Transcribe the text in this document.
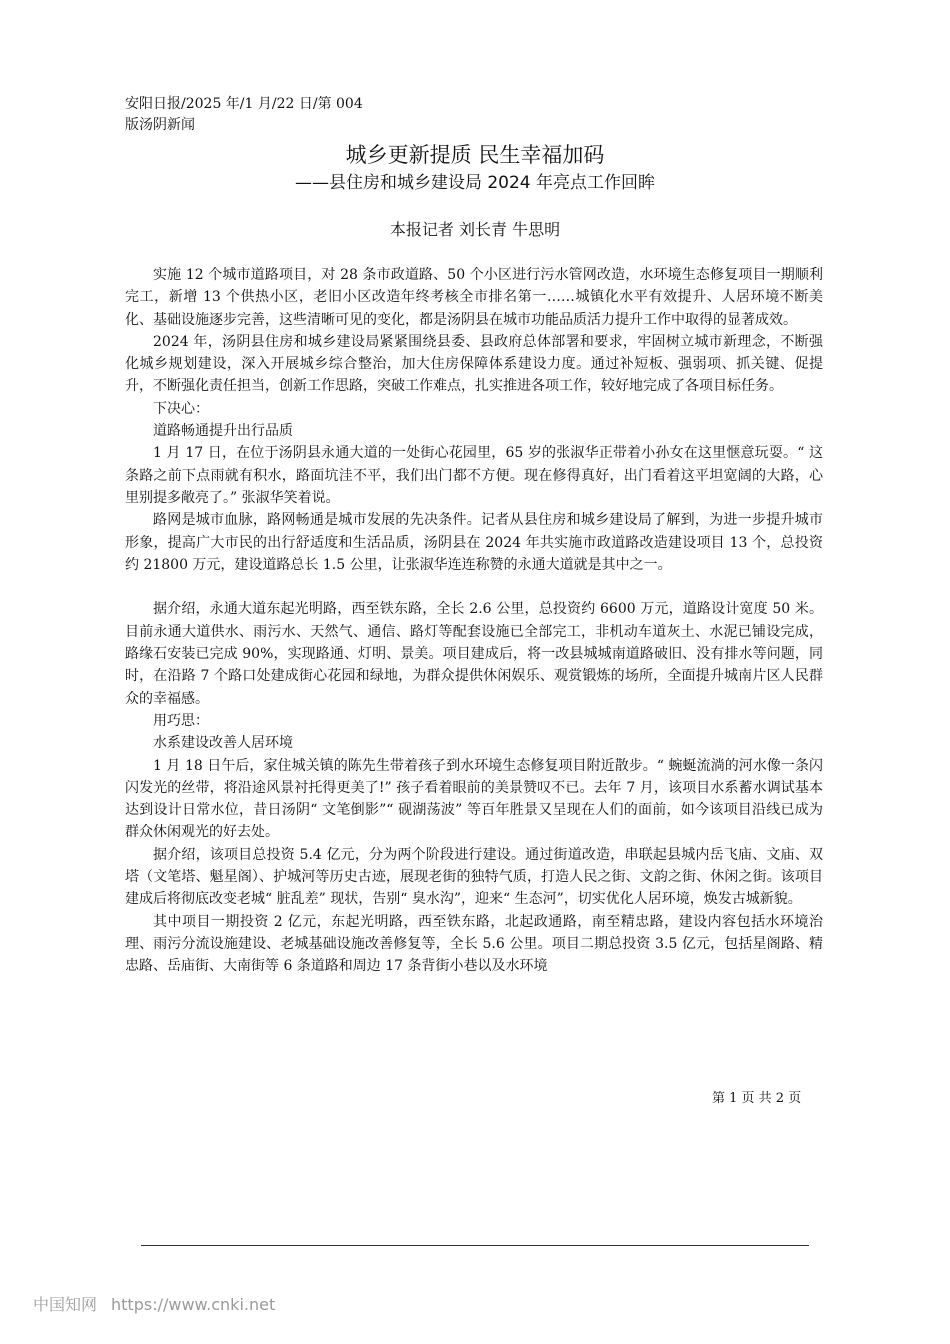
安阳日报/2025 年/1 月/22 日/第 004
版汤阴新闻
城乡更新提质 民生幸福加码
——县住房和城乡建设局 2024 年亮点工作回眸
本报记者 刘长青 牛思明

实施 12 个城市道路项目，对 28 条市政道路、50 个小区进行污水管网改造，水环境生态修复项目一期顺利完工，新增 13 个供热小区，老旧小区改造年终考核全市排名第一……城镇化水平有效提升、人居环境不断美化、基础设施逐步完善，这些清晰可见的变化，都是汤阴县在城市功能品质活力提升工作中取得的显著成效。

2024 年，汤阴县住房和城乡建设局紧紧围绕县委、县政府总体部署和要求，牢固树立城市新理念，不断强化城乡规划建设，深入开展城乡综合整治，加大住房保障体系建设力度。通过补短板、强弱项、抓关键、促提升，不断强化责任担当，创新工作思路，突破工作难点，扎实推进各项工作，较好地完成了各项目标任务。

下决心：

道路畅通提升出行品质

1 月 17 日，在位于汤阴县永通大道的一处街心花园里，65 岁的张淑华正带着小孙女在这里惬意玩耍。“ 这条路之前下点雨就有积水，路面坑洼不平，我们出门都不方便。现在修得真好，出门看着这平坦宽阔的大路，心里别提多敞亮了。” 张淑华笑着说。

路网是城市血脉，路网畅通是城市发展的先决条件。记者从县住房和城乡建设局了解到，为进一步提升城市形象，提高广大市民的出行舒适度和生活品质，汤阴县在 2024 年共实施市政道路改造建设项目 13 个，总投资约 21800 万元，建设道路总长 1.5 公里，让张淑华连连称赞的永通大道就是其中之一。

据介绍，永通大道东起光明路，西至铁东路，全长 2.6 公里，总投资约 6600 万元，道路设计宽度 50 米。目前永通大道供水、雨污水、天然气、通信、路灯等配套设施已全部完工，非机动车道灰土、水泥已铺设完成，路缘石安装已完成 90%，实现路通、灯明、景美。项目建成后，将一改县城城南道路破旧、没有排水等问题，同时，在沿路 7 个路口处建成街心花园和绿地，为群众提供休闲娱乐、观赏锻炼的场所，全面提升城南片区人民群众的幸福感。

用巧思：

水系建设改善人居环境

1 月 18 日午后，家住城关镇的陈先生带着孩子到水环境生态修复项目附近散步。“ 蜿蜒流淌的河水像一条闪闪发光的丝带，将沿途风景衬托得更美了!” 孩子看着眼前的美景赞叹不已。去年 7 月，该项目水系蓄水调试基本达到设计日常水位，昔日汤阴“ 文笔倒影”“ 砚湖荡波” 等百年胜景又呈现在人们的面前，如今该项目沿线已成为群众休闲观光的好去处。

据介绍，该项目总投资 5.4 亿元，分为两个阶段进行建设。通过街道改造，串联起县城内岳飞庙、文庙、双塔（文笔塔、魁星阁）、护城河等历史古迹，展现老街的独特气质，打造人民之街、文韵之街、休闲之街。该项目建成后将彻底改变老城“ 脏乱差” 现状，告别“ 臭水沟”，迎来“ 生态河”，切实优化人居环境，焕发古城新貌。

其中项目一期投资 2 亿元，东起光明路，西至铁东路，北起政通路，南至精忠路，建设内容包括水环境治理、雨污分流设施建设、老城基础设施改善修复等，全长 5.6 公里。项目二期总投资 3.5 亿元，包括星阁路、精忠路、岳庙街、大南街等 6 条道路和周边 17 条背街小巷以及水环境

第 1 页 共 2 页
中国知网 https://www.cnki.net
